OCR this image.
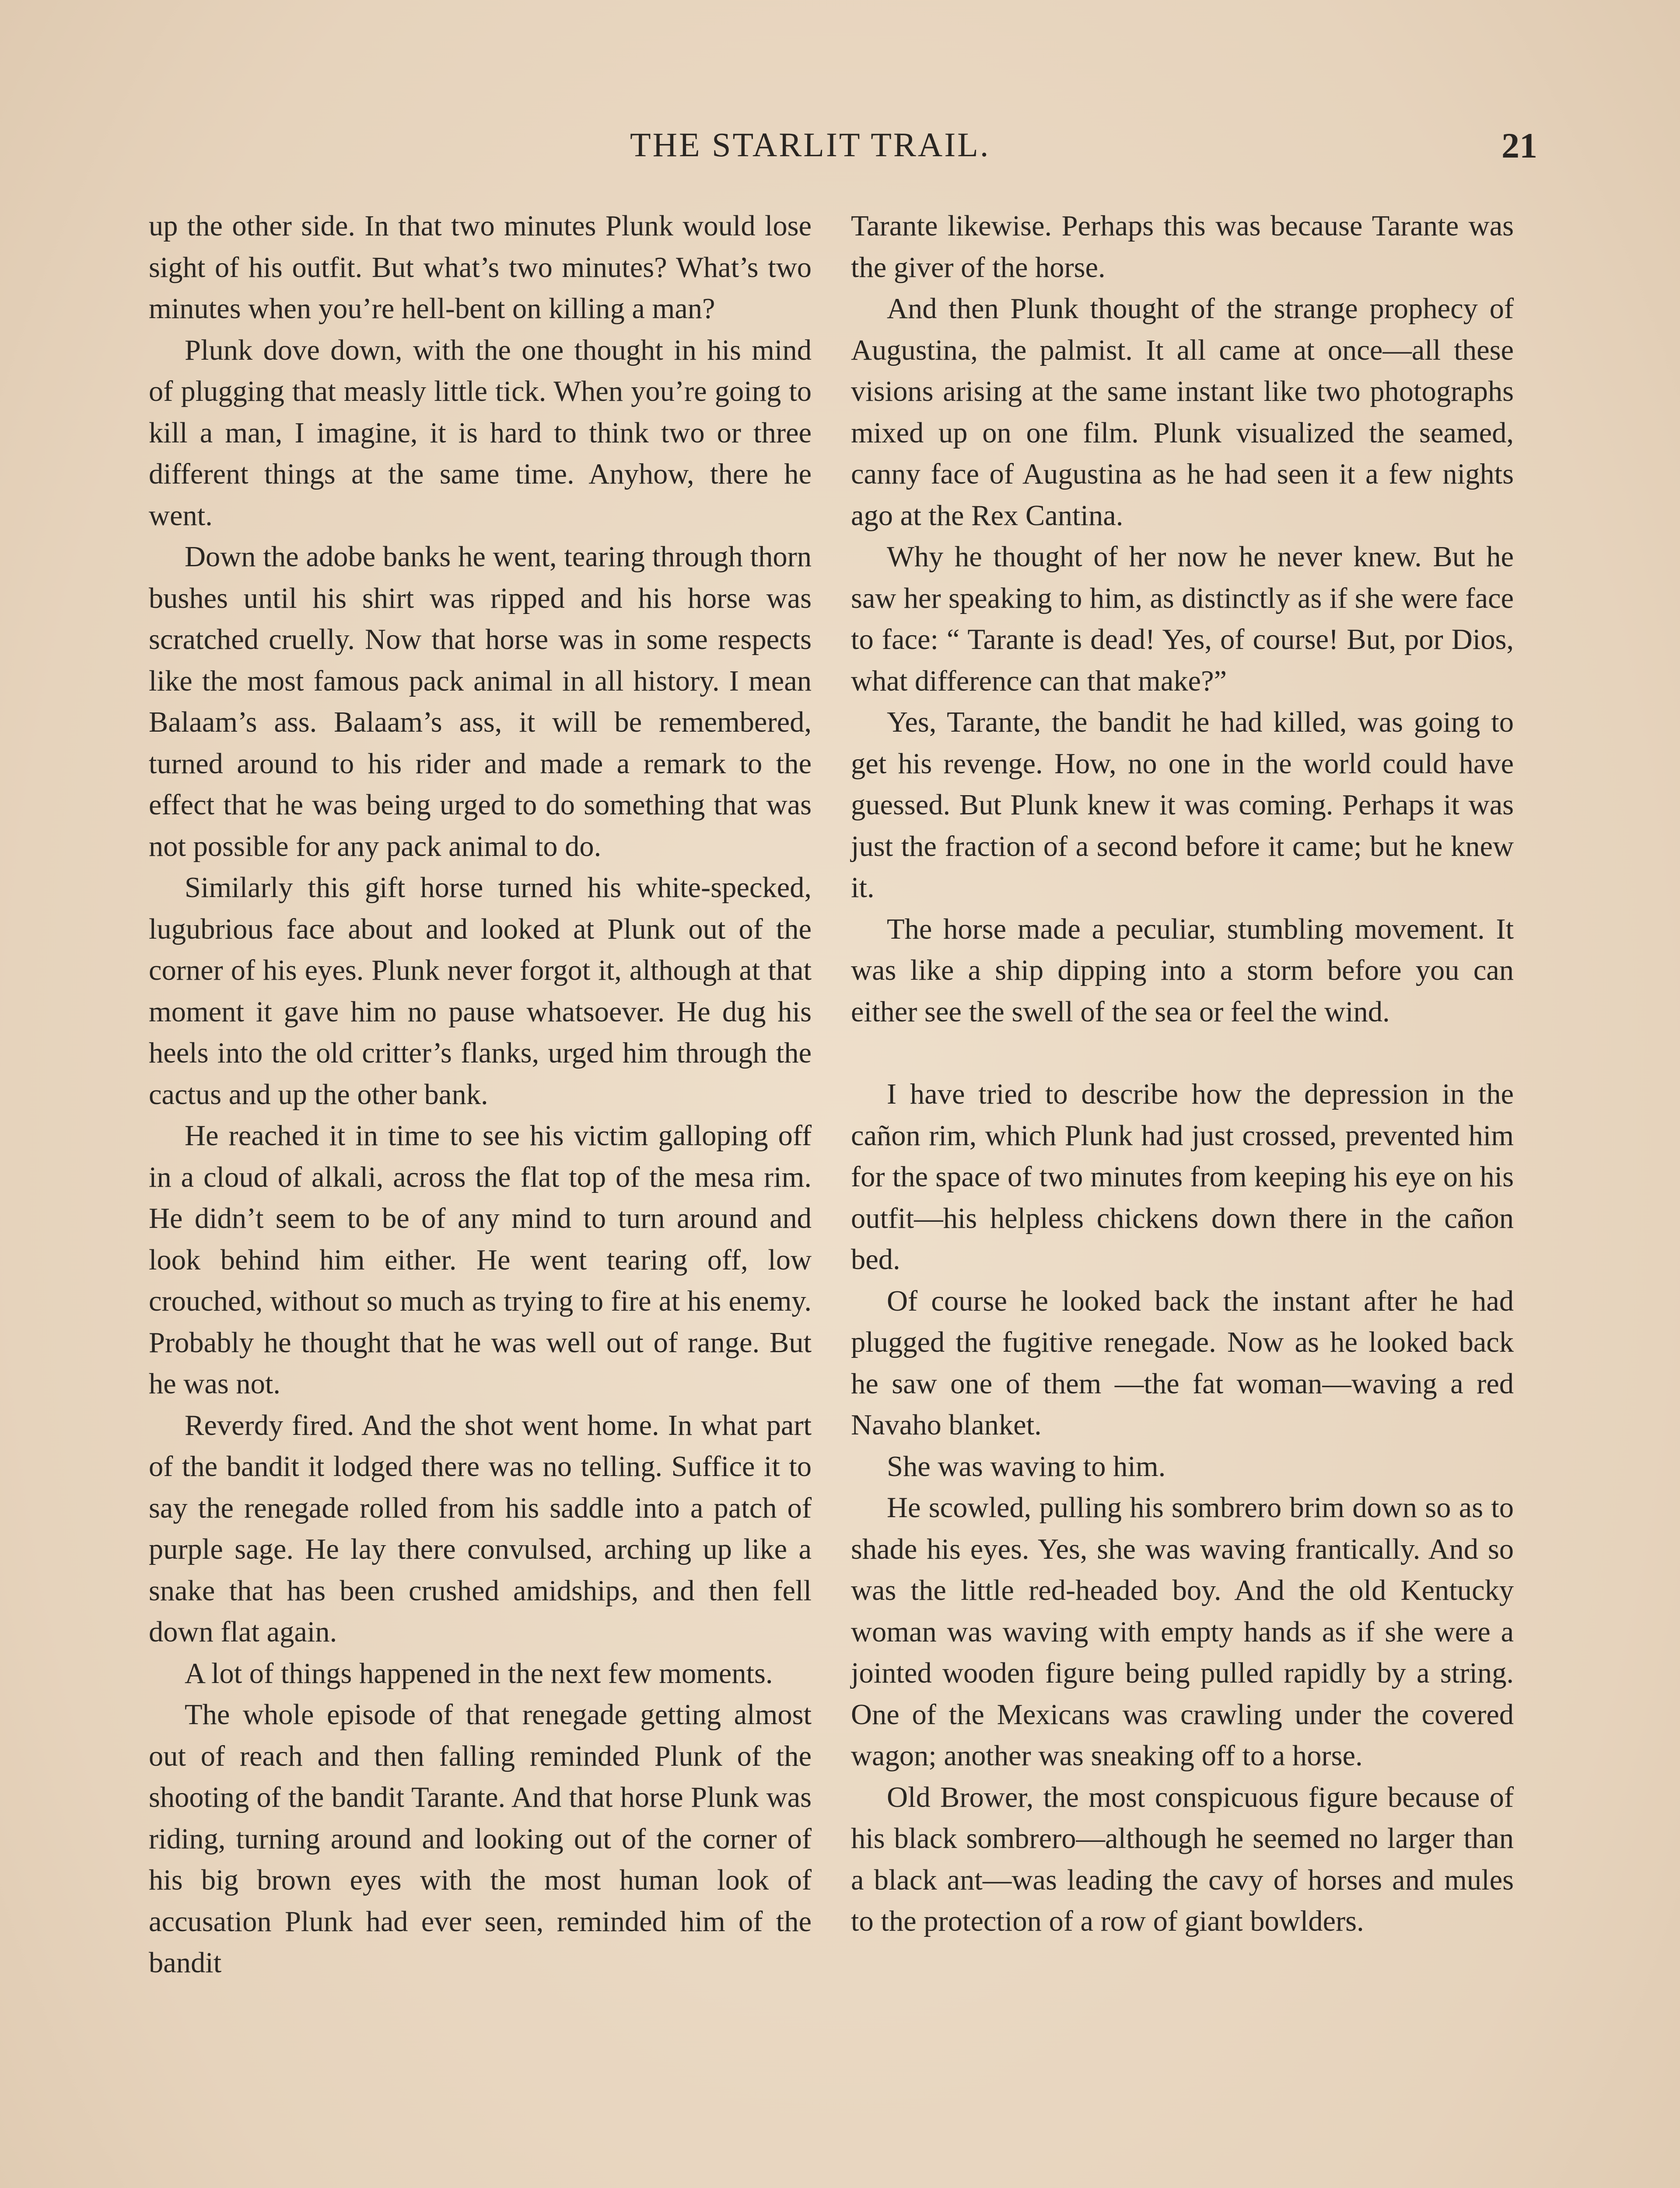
THE STARLIT TRAIL.	21

up the other side. In that two minutes Plunk would lose sight of his outfit. But what’s two minutes? What’s two minutes when you’re hell-bent on killing a man?

Plunk dove down, with the one thought in his mind of plugging that measly little tick. When you’re going to kill a man, I imagine, it is hard to think two or three different things at the same time. Anyhow, there he went.

Down the adobe banks he went, tearing through thorn bushes until his shirt was ripped and his horse was scratched cruelly. Now that horse was in some respects like the most famous pack animal in all history. I mean Balaam’s ass. Balaam’s ass, it will be remembered, turned around to his rider and made a remark to the effect that he was being urged to do something that was not possible for any pack animal to do.

Similarly this gift horse turned his white-specked, lugubrious face about and looked at Plunk out of the corner of his eyes. Plunk never forgot it, although at that moment it gave him no pause whatsoever. He dug his heels into the old critter’s flanks, urged him through the cactus and up the other bank.

He reached it in time to see his victim galloping off in a cloud of alkali, across the flat top of the mesa rim. He didn’t seem to be of any mind to turn around and look behind him either. He went tearing off, low crouched, without so much as trying to fire at his enemy. Probably he thought that he was well out of range. But he was not.

Reverdy fired. And the shot went home. In what part of the bandit it lodged there was no telling. Suffice it to say the renegade rolled from his saddle into a patch of purple sage. He lay there convulsed, arching up like a snake that has been crushed amidships, and then fell down flat again.

A lot of things happened in the next few moments.

The whole episode of that renegade getting almost out of reach and then falling reminded Plunk of the shooting of the bandit Tarante. And that horse Plunk was riding, turning around and looking out of the corner of his big brown eyes with the most human look of accusation Plunk had ever seen, reminded him of the bandit

Tarante likewise. Perhaps this was because Tarante was the giver of the horse.

And then Plunk thought of the strange prophecy of Augustina, the palmist. It all came at once—all these visions arising at the same instant like two photographs mixed up on one film. Plunk visualized the seamed, canny face of Augustina as he had seen it a few nights ago at the Rex Cantina.

Why he thought of her now he never knew. But he saw her speaking to him, as distinctly as if she were face to face: “ Tarante is dead! Yes, of course! But, por Dios, what difference can that make?”

Yes, Tarante, the bandit he had killed, was going to get his revenge. How, no one in the world could have guessed. But Plunk knew it was coming. Perhaps it was just the fraction of a second before it came; but he knew it.

The horse made a peculiar, stumbling movement. It was like a ship dipping into a storm before you can either see the swell of the sea or feel the wind.

I have tried to describe how the depression in the cañon rim, which Plunk had just crossed, prevented him for the space of two minutes from keeping his eye on his outfit—his helpless chickens down there in the cañon bed.

Of course he looked back the instant after he had plugged the fugitive renegade. Now as he looked back he saw one of them —the fat woman—waving a red Navaho blanket.

She was waving to him.

He scowled, pulling his sombrero brim down so as to shade his eyes. Yes, she was waving frantically. And so was the little red-headed boy. And the old Kentucky woman was waving with empty hands as if she were a jointed wooden figure being pulled rapidly by a string. One of the Mexicans was crawling under the covered wagon; another was sneaking off to a horse.

Old Brower, the most conspicuous figure because of his black sombrero—although he seemed no larger than a black ant—was leading the cavy of horses and mules to the protection of a row of giant bowlders.
